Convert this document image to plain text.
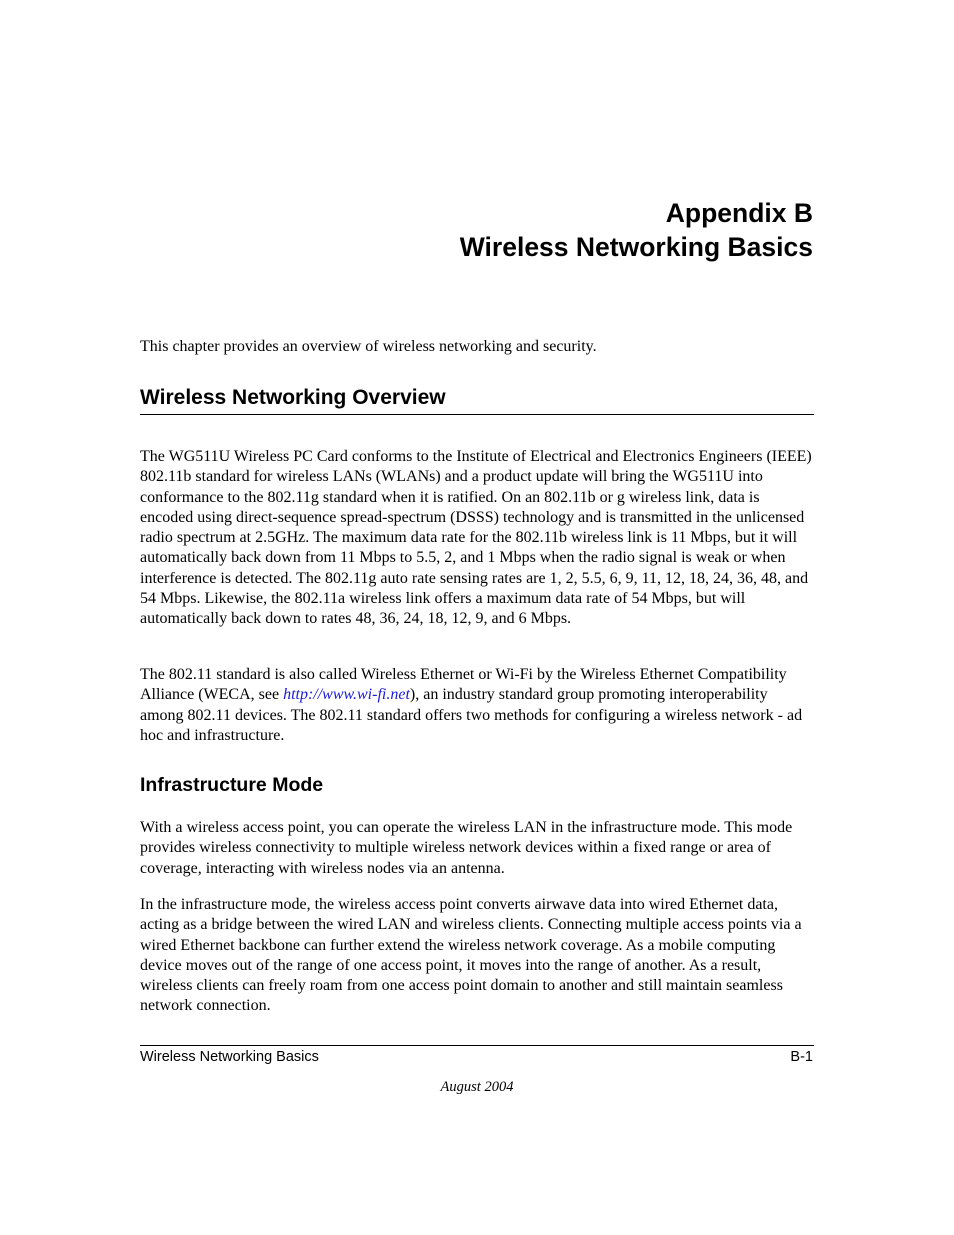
Appendix B
Wireless Networking Basics

This chapter provides an overview of wireless networking and security.

Wireless Networking Overview

The WG511U Wireless PC Card conforms to the Institute of Electrical and Electronics Engineers (IEEE) 802.11b standard for wireless LANs (WLANs) and a product update will bring the WG511U into conformance to the 802.11g standard when it is ratified. On an 802.11b or g wireless link, data is encoded using direct-sequence spread-spectrum (DSSS) technology and is transmitted in the unlicensed radio spectrum at 2.5GHz. The maximum data rate for the 802.11b wireless link is 11 Mbps, but it will automatically back down from 11 Mbps to 5.5, 2, and 1 Mbps when the radio signal is weak or when interference is detected. The 802.11g auto rate sensing rates are 1, 2, 5.5, 6, 9, 11, 12, 18, 24, 36, 48, and 54 Mbps. Likewise, the 802.11a wireless link offers a maximum data rate of 54 Mbps, but will automatically back down to rates 48, 36, 24, 18, 12, 9, and 6 Mbps.

The 802.11 standard is also called Wireless Ethernet or Wi-Fi by the Wireless Ethernet Compatibility Alliance (WECA, see http://www.wi-fi.net), an industry standard group promoting interoperability among 802.11 devices. The 802.11 standard offers two methods for configuring a wireless network - ad hoc and infrastructure.

Infrastructure Mode

With a wireless access point, you can operate the wireless LAN in the infrastructure mode. This mode provides wireless connectivity to multiple wireless network devices within a fixed range or area of coverage, interacting with wireless nodes via an antenna.

In the infrastructure mode, the wireless access point converts airwave data into wired Ethernet data, acting as a bridge between the wired LAN and wireless clients. Connecting multiple access points via a wired Ethernet backbone can further extend the wireless network coverage. As a mobile computing device moves out of the range of one access point, it moves into the range of another. As a result, wireless clients can freely roam from one access point domain to another and still maintain seamless network connection.

Wireless Networking Basics	B-1
August 2004
